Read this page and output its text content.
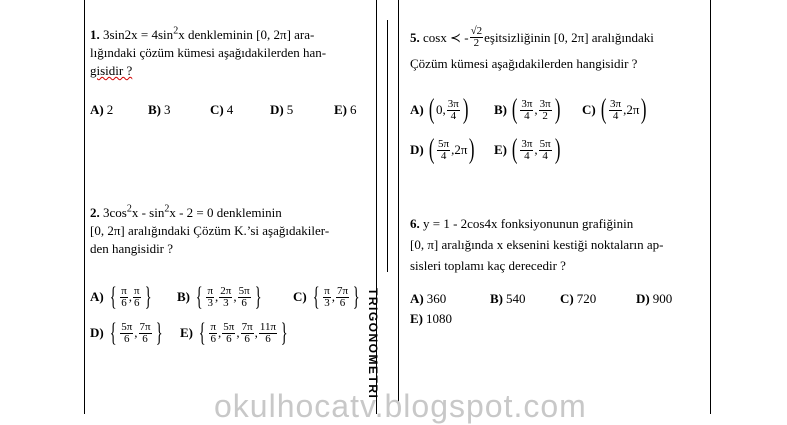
1. $3\sin 2x = 4\sin^2x$ denkleminin [0, 2π] ara-
lığındaki çözüm kümesi aşağıdakilerden han-
gisidir ?
A) 2	B) 3	C) 4	D) 5	E) 6
2. $3\cos^2x - \sin^2x - 2 = 0$ denkleminin
[0, 2π] aralığındaki Çözüm K.’si aşağıdakiler-
den hangisidir ?
A) { $\frac{\pi}{6}$ , $\frac{\pi}{6}$ } B) { $\frac{\pi}{3}$ , $\frac{2\pi}{3}$ , $\frac{5\pi}{6}$ } C) { $\frac{\pi}{3}$ , $\frac{7\pi}{6}$ }
D) { $\frac{5\pi}{6}$ , $\frac{7\pi}{6}$ } E) { $\frac{\pi}{6}$ , $\frac{5\pi}{6}$ , $\frac{7\pi}{6}$ , $\frac{11\pi}{6}$ }	TRIGONOMETRI
5.
cosx ≺ - $\frac{√2}{2}$ eşitsizliğinin [0, 2π] aralığındaki
Çözüm kümesi aşağıdakilerden hangisidir ?
A) ( 0, $\frac{3\pi}{4}$ ) B) ( $\frac{3\pi}{4}$ , $\frac{3\pi}{2}$ ) C) ( $\frac{3\pi}{4} ,2\pi$ )
D) ( $\frac{5\pi}{4} ,2\pi$ ) E) ( $\frac{3\pi}{4}$ , $\frac{5\pi}{4}$ )
6. y = 1 - 2cos4x fonksiyonunun grafiğinin
[0, π] aralığında x eksenini kestiği noktaların ap-
sisleri toplamı kaç derecedir ?
A) 360	B) 540	C) 720	D) 900
E) 1080
okulhocatv.blogspot.com
